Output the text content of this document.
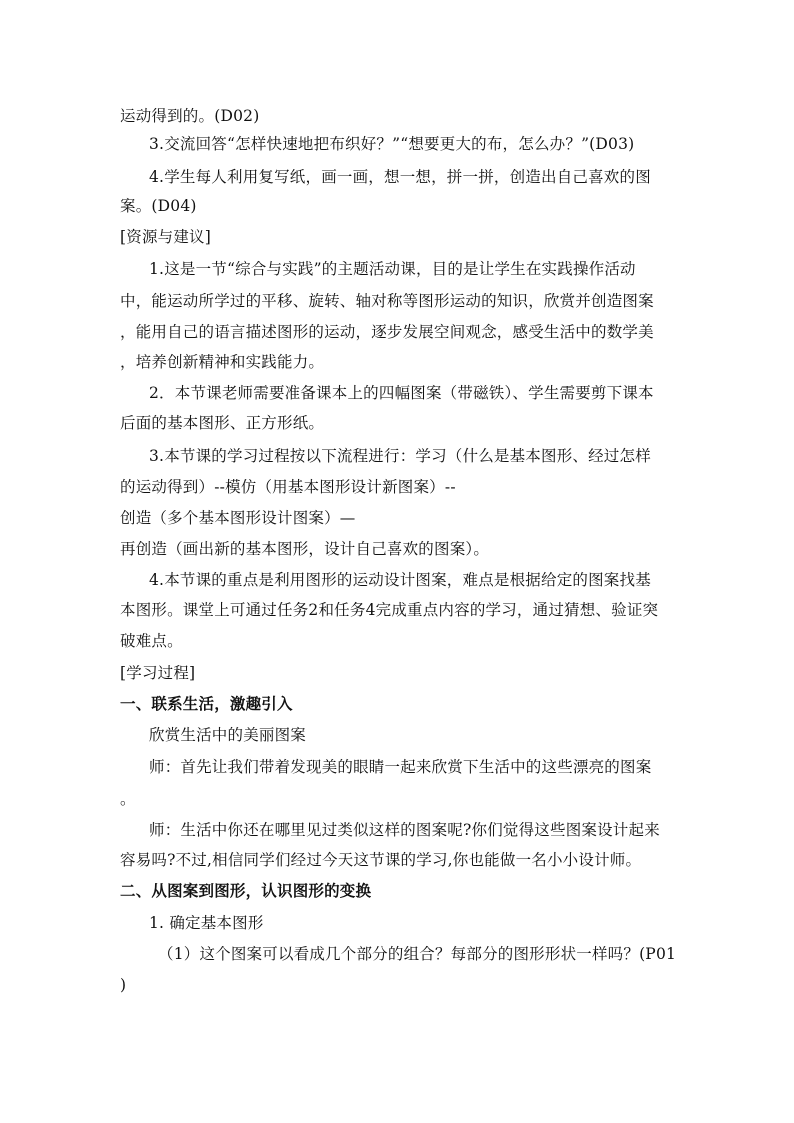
运动得到的。(D02)
3.交流回答“怎样快速地把布织好？”“想要更大的布，怎么办？”(D03)
4.学生每人利用复写纸，画一画，想一想，拼一拼，创造出自己喜欢的图
案。(D04)
[资源与建议]
1.这是一节“综合与实践”的主题活动课，目的是让学生在实践操作活动
中，能运动所学过的平移、旋转、轴对称等图形运动的知识，欣赏并创造图案
，能用自己的语言描述图形的运动，逐步发展空间观念，感受生活中的数学美
，培养创新精神和实践能力。
2．本节课老师需要准备课本上的四幅图案（带磁铁）、学生需要剪下课本
后面的基本图形、正方形纸。
3.本节课的学习过程按以下流程进行：学习（什么是基本图形、经过怎样
的运动得到）--模仿（用基本图形设计新图案）--
创造（多个基本图形设计图案）—
再创造（画出新的基本图形，设计自己喜欢的图案）。
4.本节课的重点是利用图形的运动设计图案，难点是根据给定的图案找基
本图形。课堂上可通过任务2和任务4完成重点内容的学习，通过猜想、验证突
破难点。
[学习过程]
一、联系生活，激趣引入
欣赏生活中的美丽图案
师：首先让我们带着发现美的眼睛一起来欣赏下生活中的这些漂亮的图案
。
师：生活中你还在哪里见过类似这样的图案呢?你们觉得这些图案设计起来
容易吗?不过,相信同学们经过今天这节课的学习,你也能做一名小小设计师。
二、从图案到图形，认识图形的变换
1. 确定基本图形
（1）这个图案可以看成几个部分的组合？每部分的图形形状一样吗？(P01
)
